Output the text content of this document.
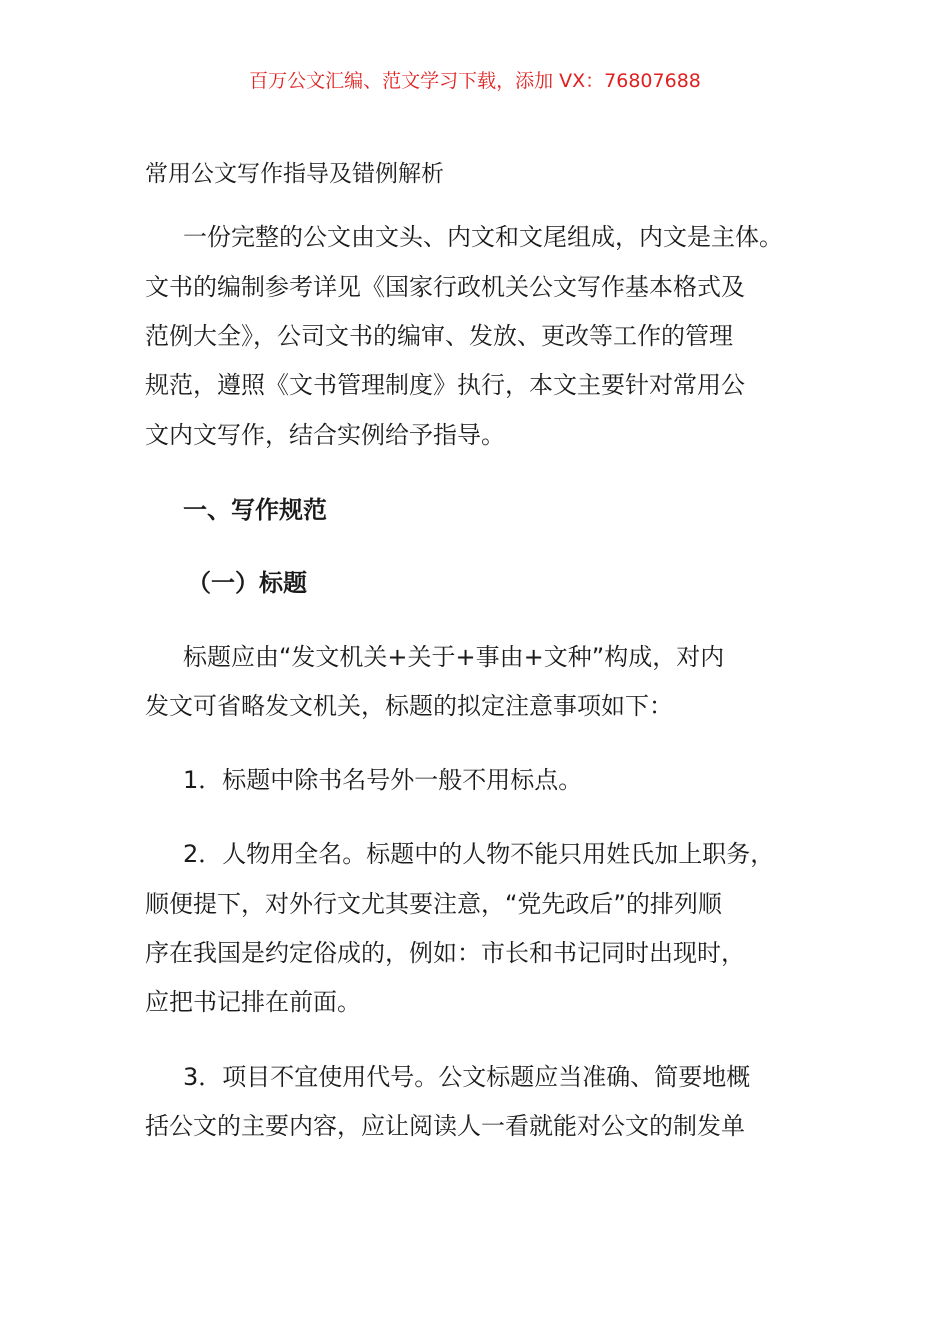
百万公文汇编、范文学习下载，添加 VX：76807688
常用公文写作指导及错例解析
一份完整的公文由文头、内文和文尾组成，内文是主体。
文书的编制参考详见《国家行政机关公文写作基本格式及
范例大全》，公司文书的编审、发放、更改等工作的管理
规范，遵照《文书管理制度》执行，本文主要针对常用公
文内文写作，结合实例给予指导。
一、写作规范
（一）标题
标题应由“发文机关+关于+事由+文种”构成，对内
发文可省略发文机关，标题的拟定注意事项如下：
1．标题中除书名号外一般不用标点。
2．人物用全名。标题中的人物不能只用姓氏加上职务，
顺便提下，对外行文尤其要注意，“党先政后”的排列顺
序在我国是约定俗成的，例如：市长和书记同时出现时，
应把书记排在前面。
3．项目不宜使用代号。公文标题应当准确、简要地概
括公文的主要内容，应让阅读人一看就能对公文的制发单
